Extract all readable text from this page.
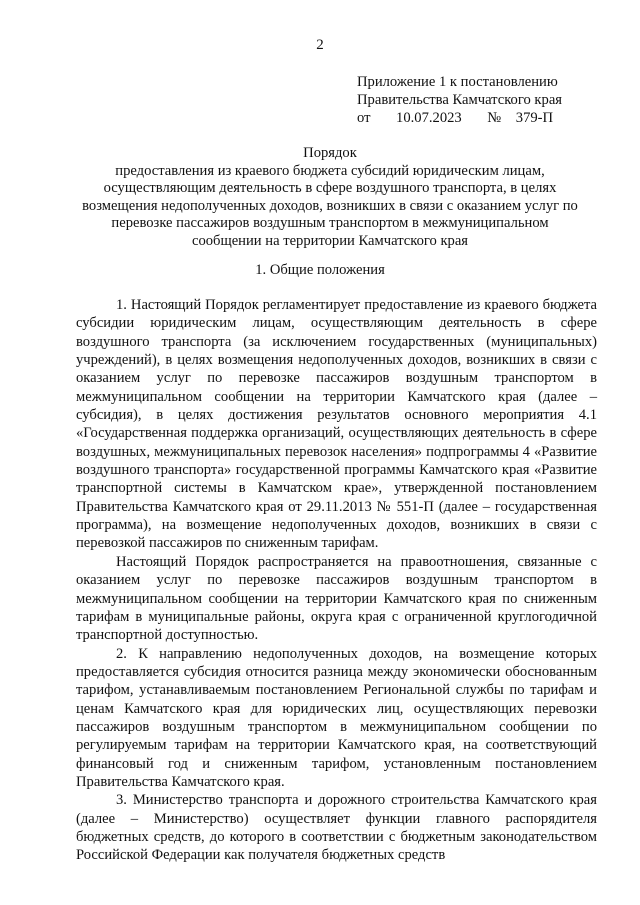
2
Приложение 1 к постановлению
Правительства Камчатского края
от 10.07.2023 № 379-П
Порядок
предоставления из краевого бюджета субсидий юридическим лицам,
осуществляющим деятельность в сфере воздушного транспорта, в целях
возмещения недополученных доходов, возникших в связи с оказанием услуг по
перевозке пассажиров воздушным транспортом в межмуниципальном
сообщении на территории Камчатского края
1. Общие положения

1. Настоящий Порядок регламентирует предоставление из краевого бюджета субсидии юридическим лицам, осуществляющим деятельность в сфере воздушного транспорта (за исключением государственных (муниципальных) учреждений), в целях возмещения недополученных доходов, возникших в связи с оказанием услуг по перевозке пассажиров воздушным транспортом в межмуниципальном сообщении на территории Камчатского края (далее – субсидия), в целях достижения результатов основного мероприятия 4.1 «Государственная поддержка организаций, осуществляющих деятельность в сфере воздушных, межмуниципальных перевозок населения» подпрограммы 4 «Развитие воздушного транспорта» государственной программы Камчатского края «Развитие транспортной системы в Камчатском крае», утвержденной постановлением Правительства Камчатского края от 29.11.2013 № 551-П (далее – государственная программа), на возмещение недополученных доходов, возникших в связи с перевозкой пассажиров по сниженным тарифам.

Настоящий Порядок распространяется на правоотношения, связанные с оказанием услуг по перевозке пассажиров воздушным транспортом в межмуниципальном сообщении на территории Камчатского края по сниженным тарифам в муниципальные районы, округа края с ограниченной круглогодичной транспортной доступностью.

2. К направлению недополученных доходов, на возмещение которых предоставляется субсидия относится разница между экономически обоснованным тарифом, устанавливаемым постановлением Региональной службы по тарифам и ценам Камчатского края для юридических лиц, осуществляющих перевозки пассажиров воздушным транспортом в межмуниципальном сообщении по регулируемым тарифам на территории Камчатского края, на соответствующий финансовый год и сниженным тарифом, установленным постановлением Правительства Камчатского края.

3. Министерство транспорта и дорожного строительства Камчатского края (далее – Министерство) осуществляет функции главного распорядителя бюджетных средств, до которого в соответствии с бюджетным законодательством Российской Федерации как получателя бюджетных средств
